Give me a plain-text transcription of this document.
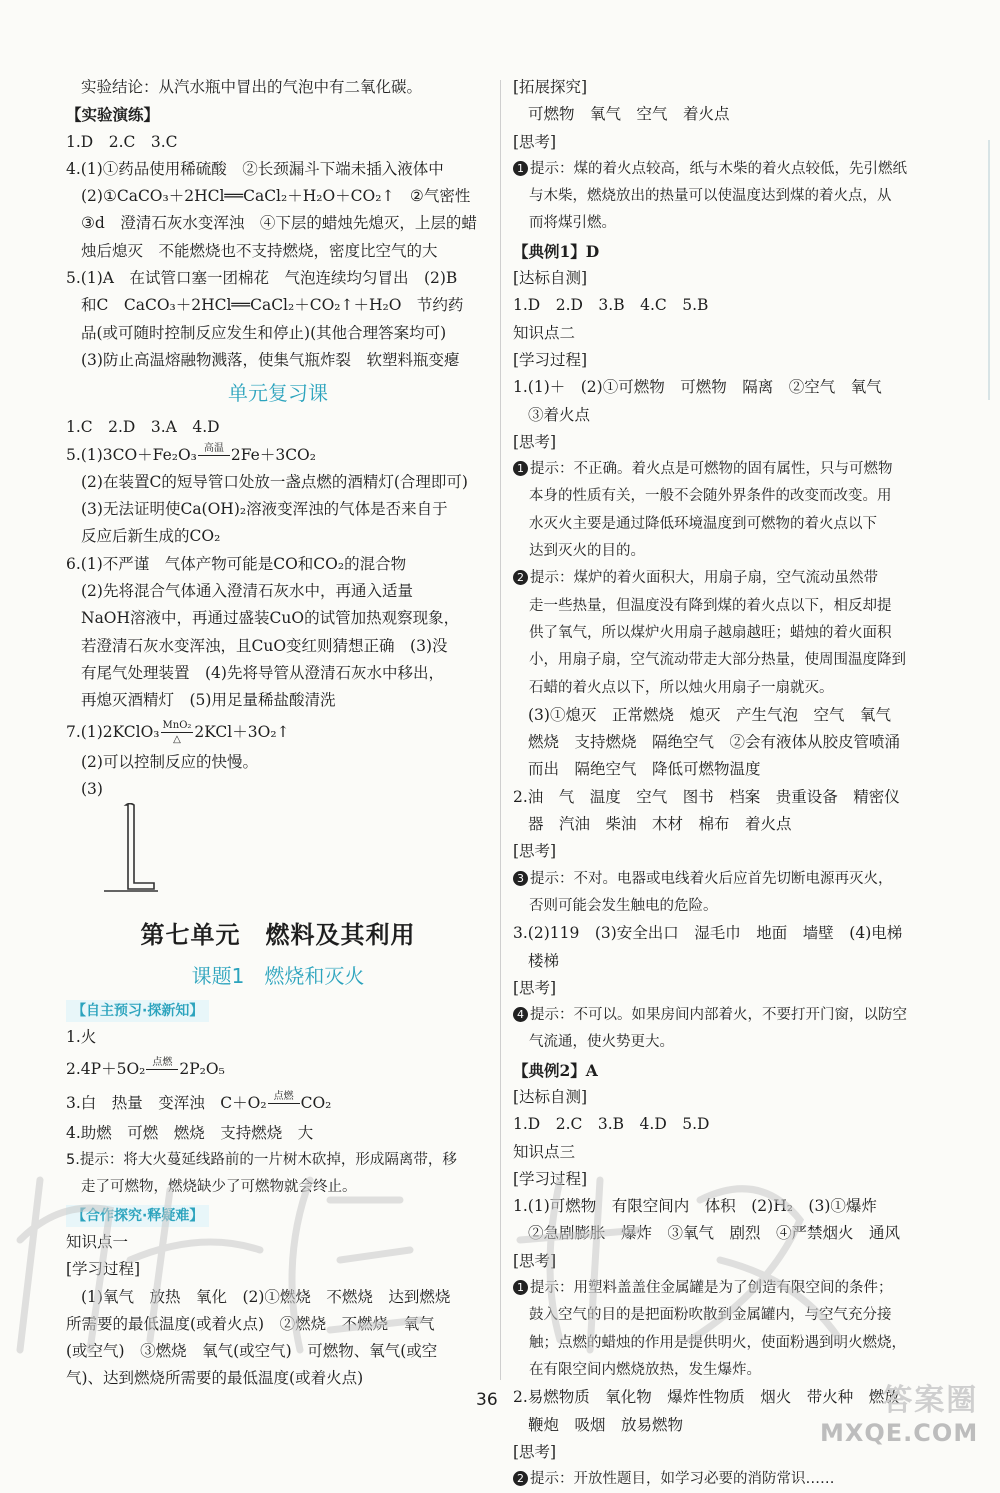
实验结论：从汽水瓶中冒出的气泡中有二氧化碳。
【实验演练】
1.D　2.C　3.C
4.(1)①药品使用稀硫酸　②长颈漏斗下端未插入液体中
(2)①CaCO₃＋2HCl══CaCl₂＋H₂O＋CO₂↑　②气密性
③d　澄清石灰水变浑浊　④下层的蜡烛先熄灭，上层的蜡
烛后熄灭　不能燃烧也不支持燃烧，密度比空气的大
5.(1)A　在试管口塞一团棉花　气泡连续均匀冒出　(2)B
和C　CaCO₃＋2HCl══CaCl₂＋CO₂↑＋H₂O　节约药
品(或可随时控制反应发生和停止)(其他合理答案均可)
(3)防止高温熔融物溅落，使集气瓶炸裂　软塑料瓶变瘪
单元复习课
1.C　2.D　3.A　4.D
5.(1)3CO＋Fe₂O₃ 高温
2Fe＋3CO₂
(2)在装置C的短导管口处放一盏点燃的酒精灯(合理即可)
(3)无法证明使Ca(OH)₂溶液变浑浊的气体是否来自于
反应后新生成的CO₂
6.(1)不严谨　气体产物可能是CO和CO₂的混合物
(2)先将混合气体通入澄清石灰水中，再通入适量
NaOH溶液中，再通过盛装CuO的试管加热观察现象，
若澄清石灰水变浑浊，且CuO变红则猜想正确　(3)没
有尾气处理装置　(4)先将导管从澄清石灰水中移出，
再熄灭酒精灯　(5)用足量稀盐酸清洗
7.(1)2KClO₃ $\frac{\text{MnO₂}}{\triangle}$ 2KCl＋3O₂↑
(2)可以控制反应的快慢。
(3)
第七单元　燃料及其利用
课题1　燃烧和灭火
【自主预习·探新知】
1.火
2.4P＋5O₂ 点燃
2P₂O₅
3.白　热量　变浑浊　C＋O₂ 点燃
CO₂
4.助燃　可燃　燃烧　支持燃烧　大
5.提示：将大火蔓延线路前的一片树木砍掉，形成隔离带，移
走了可燃物，燃烧缺少了可燃物就会终止。
【合作探究·释疑难】
知识点一
[学习过程]
(1)氧气　放热　氧化　(2)①燃烧　不燃烧　达到燃烧
所需要的最低温度(或着火点)　②燃烧　不燃烧　氧气
(或空气)　③燃烧　氧气(或空气)　可燃物、氧气(或空
气)、达到燃烧所需要的最低温度(或着火点)
[拓展探究]
可燃物　氧气　空气　着火点
[思考]
1 提示：煤的着火点较高，纸与木柴的着火点较低，先引燃纸
与木柴，燃烧放出的热量可以使温度达到煤的着火点，从
而将煤引燃。
【典例1】D
[达标自测]
1.D　2.D　3.B　4.C　5.B
知识点二
[学习过程]
1.(1)＋　(2)①可燃物　可燃物　隔离　②空气　氧气
③着火点
[思考]
1 提示：不正确。着火点是可燃物的固有属性，只与可燃物
本身的性质有关，一般不会随外界条件的改变而改变。用
水灭火主要是通过降低环境温度到可燃物的着火点以下
达到灭火的目的。
2 提示：煤炉的着火面积大，用扇子扇，空气流动虽然带
走一些热量，但温度没有降到煤的着火点以下，相反却提
供了氧气，所以煤炉火用扇子越扇越旺；蜡烛的着火面积
小，用扇子扇，空气流动带走大部分热量，使周围温度降到
石蜡的着火点以下，所以烛火用扇子一扇就灭。
(3)①熄灭　正常燃烧　熄灭　产生气泡　空气　氧气
燃烧　支持燃烧　隔绝空气　②会有液体从胶皮管喷涌
而出　隔绝空气　降低可燃物温度
2.油　气　温度　空气　图书　档案　贵重设备　精密仪
器　汽油　柴油　木材　棉布　着火点
[思考]
3 提示：不对。电器或电线着火后应首先切断电源再灭火，
否则可能会发生触电的危险。
3.(2)119　(3)安全出口　湿毛巾　地面　墙壁　(4)电梯
楼梯
[思考]
4 提示：不可以。如果房间内部着火，不要打开门窗，以防空
气流通，使火势更大。
【典例2】A
[达标自测]
1.D　2.C　3.B　4.D　5.D
知识点三
[学习过程]
1.(1)可燃物　有限空间内　体积　(2)H₂　(3)①爆炸
②急剧膨胀　爆炸　③氧气　剧烈　④严禁烟火　通风
[思考]
1 提示：用塑料盖盖住金属罐是为了创造有限空间的条件；
鼓入空气的目的是把面粉吹散到金属罐内，与空气充分接
触；点燃的蜡烛的作用是提供明火，使面粉遇到明火燃烧，
在有限空间内燃烧放热，发生爆炸。
2.易燃物质　氧化物　爆炸性物质　烟火　带火种　燃放
鞭炮　吸烟　放易燃物
[思考]
2 提示：开放性题目，如学习必要的消防常识……
36	答案圈
MXQE.COM
